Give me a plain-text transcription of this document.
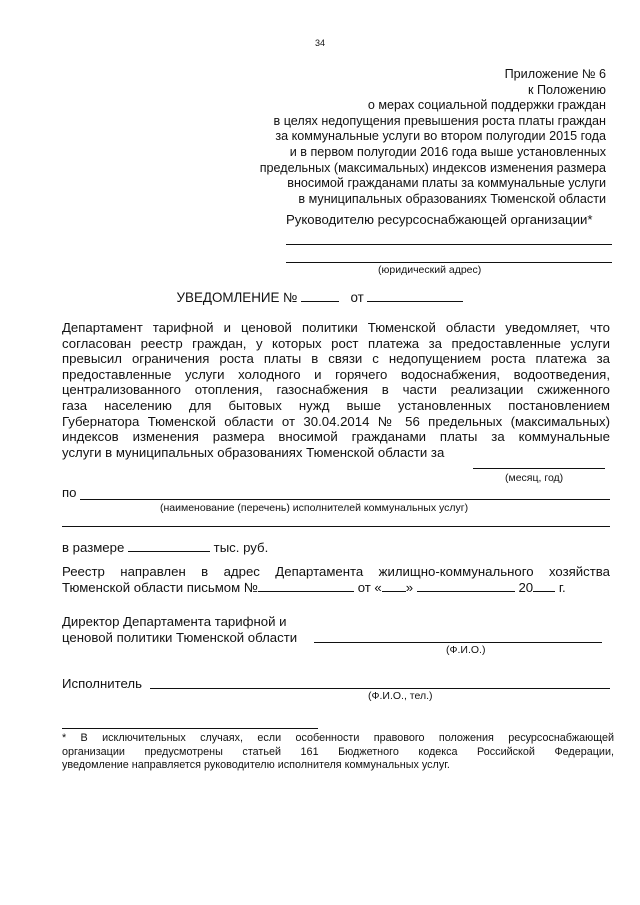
34
Приложение № 6
к Положению
о мерах социальной поддержки граждан
в целях недопущения превышения роста платы граждан
за коммунальные услуги во втором полугодии 2015 года
и в первом полугодии 2016 года выше установленных
предельных (максимальных) индексов изменения размера
вносимой гражданами платы за коммунальные услуги
в муниципальных образованиях Тюменской области
Руководителю ресурсоснабжающей организации*
(юридический адрес)
УВЕДОМЛЕНИЕ №	от
Департамент тарифной и ценовой политики Тюменской области уведомляет, что
согласован реестр граждан, у которых рост платежа за предоставленные услуги
превысил ограничения роста платы в связи с недопущением роста платежа за
предоставленные услуги холодного и горячего водоснабжения, водоотведения,
централизованного отопления, газоснабжения в части реализации сжиженного
газа населению для бытовых нужд выше установленных постановлением
Губернатора Тюменской области от 30.04.2014 № 56 предельных (максимальных)
индексов изменения размера вносимой гражданами платы за коммунальные
услуги в муниципальных образованиях Тюменской области за
(месяц, год)
по
(наименование (перечень) исполнителей коммунальных услуг)
в размере	тыс. руб.
Реестр направлен в адрес Департамента жилищно-коммунального хозяйства
Тюменской области письмом №	от « »	20 г.
Директор Департамента тарифной и
ценовой политики Тюменской области
(Ф.И.О.)
Исполнитель
(Ф.И.О., тел.)
* В исключительных случаях, если особенности правового положения ресурсоснабжающей
организации предусмотрены статьей 161 Бюджетного кодекса Российской Федерации,
уведомление направляется руководителю исполнителя коммунальных услуг.
